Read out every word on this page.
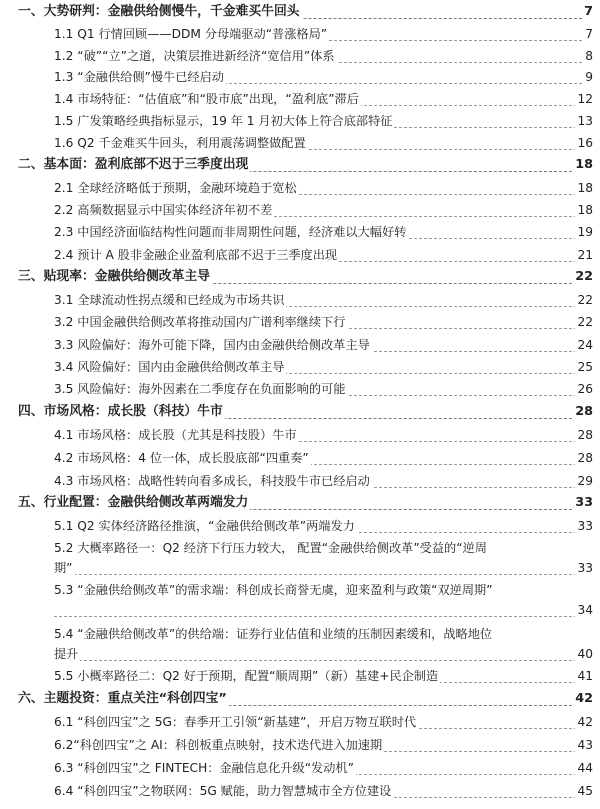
一、大势研判：金融供给侧慢牛，千金难买牛回头	7
1.1 Q1 行情回顾——DDM 分母端驱动“普涨格局”	7
1.2 “破”“立”之道，决策层推进新经济“宽信用”体系	8
1.3 “金融供给侧”慢牛已经启动	9
1.4 市场特征：“估值底”和“股市底”出现，“盈利底”滞后	12
1.5 广发策略经典指标显示，19 年 1 月初大体上符合底部特征	13
1.6 Q2 千金难买牛回头，利用震荡调整做配置	16
二、基本面：盈利底部不迟于三季度出现	18
2.1 全球经济略低于预期，金融环境趋于宽松	18
2.2 高频数据显示中国实体经济年初不差	18
2.3 中国经济面临结构性问题而非周期性问题，经济难以大幅好转	19
2.4 预计 A 股非金融企业盈利底部不迟于三季度出现	21
三、贴现率：金融供给侧改革主导	22
3.1 全球流动性拐点缓和已经成为市场共识	22
3.2 中国金融供给侧改革将推动国内广谱利率继续下行	22
3.3 风险偏好：海外可能下降，国内由金融供给侧改革主导	24
3.4 风险偏好：国内由金融供给侧改革主导	25
3.5 风险偏好：海外因素在二季度存在负面影响的可能	26
四、市场风格：成长股（科技）牛市	28
4.1 市场风格：成长股（尤其是科技股）牛市	28
4.2 市场风格：4 位一体，成长股底部“四重奏”	28
4.3 市场风格：战略性转向看多成长，科技股牛市已经启动	29
五、行业配置：金融供给侧改革两端发力	33
5.1 Q2 实体经济路径推演，“金融供给侧改革”两端发力	33
5.2 大概率路径一：Q2 经济下行压力较大， 配置“金融供给侧改革”受益的“逆周
期”	33
5.3 “金融供给侧改革”的需求端：科创成长商誉无虞，迎来盈利与政策“双逆周期”
34
5.4 “金融供给侧改革”的供给端：证券行业估值和业绩的压制因素缓和，战略地位
提升	40
5.5 小概率路径二：Q2 好于预期，配置“顺周期”（新）基建+民企制造	41
六、主题投资：重点关注“科创四宝”	42
6.1 “科创四宝”之 5G：春季开工引领“新基建”，开启万物互联时代	42
6.2“科创四宝”之 AI：科创板重点映射，技术迭代进入加速期	43
6.3 “科创四宝”之 FINTECH：金融信息化升级“发动机”	44
6.4 “科创四宝”之物联网：5G 赋能，助力智慧城市全方位建设	45
